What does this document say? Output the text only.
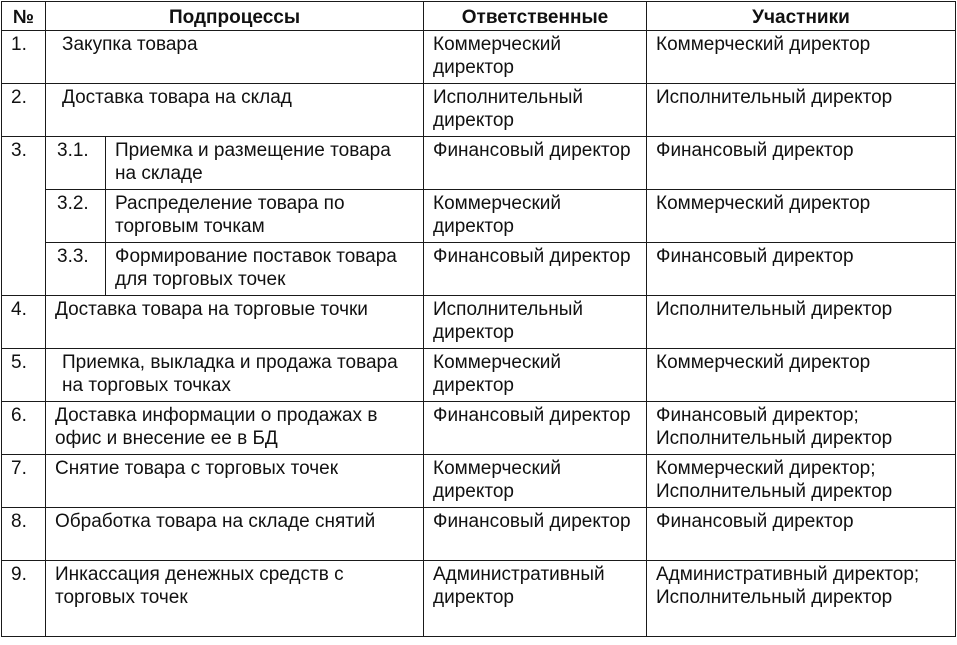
№	Подпроцессы		Ответственные	Участники
1.	Закупка товара		Коммерческий директор	Коммерческий директор
2.	Доставка товара на склад		Исполнительный директор	Исполнительный директор
3.	3.1.	Приемка и размещение товара на складе	Финансовый директор	Финансовый директор
	3.2.	Распределение товара по торговым точкам	Коммерческий директор	Коммерческий директор
	3.3.	Формирование поставок товара для торговых точек	Финансовый директор	Финансовый директор
4.	Доставка товара на торговые точки		Исполнительный директор	Исполнительный директор
5.	Приемка, выкладка и продажа товара на торговых точках		Коммерческий директор	Коммерческий директор
6.	Доставка информации о продажах в офис и внесение ее в БД		Финансовый директор	Финансовый директор; Исполнительный директор
7.	Снятие товара с торговых точек		Коммерческий директор	Коммерческий директор; Исполнительный директор
8.	Обработка товара на складе снятий		Финансовый директор	Финансовый директор
9.	Инкассация денежных средств с торговых точек		Административный директор	Административный директор; Исполнительный директор
